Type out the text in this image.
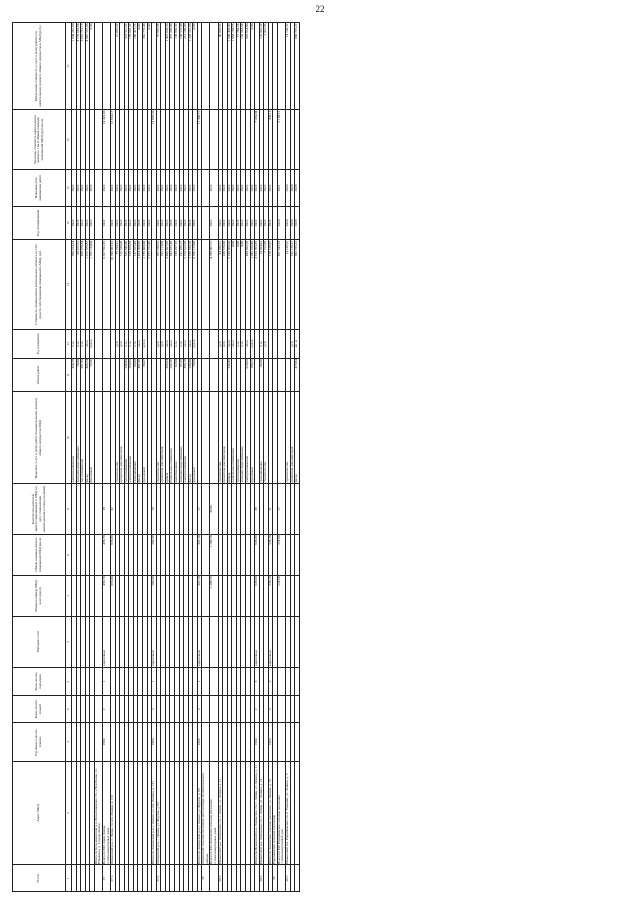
22
№ п/п	Адрес МКД	Год ввода в эксплу-атацию	Коли-чество этажей	Коли-чество подъездов	Материал стен	Общая площадь МКД, всего (кв.м)	Общая площадь жилых помещений МКД (кв.м)	Количество жителей, зарегистрированных в МКД на дату утверждения краткосрочного плана (человек)	Перечень услуг и (или) работ по капитальному ремонту общего имущества МКД	Объем работ	Ед. измерения	Стоимость планируемого капитального ремонта за счет средств собственников помещений в МКД, руб.	Год планирования	Плановая дата завершения работ	Удельная стоимость капитального ремонта 1 кв.м общей площади помещений МКД (руб./кв.м)	Предельная стоимость услуги и (или) работы по капитальному ремонту общего имущества в МКД (руб.)
1	2	3	4	5	6	7	8	9	10	11	12	13	14	15	16	17
									электроснабжение	458,70	п.м.	338 224,34	2022	2022		1 604 241,60
									холодное водоснабжение	28,00	п.м.	60 912,72	2022	2022		4 176 685,64
									теплоснабжение	201,00	п.м.	459 976,84	2022	2022		3 691 722,16
									фасад	469,24	кв.м	1 272 575,87	2022	2022		4 967 572,96
									фундамент	72,66	куб.м	1 702 134,00	2022	2022		0,00
	Итого по Куньлашевской р-н, Куньлашевское с/п, д.Чер Кунья, ул. Южанина, д. 2 город Лиман															
27.	Всего по МО город Лиман
2 многоквартирных дома	1982	2	1	кирпичные	458,70	458,70	18				6 327 652,35	2022	2022	14 423,60	
27.1.	Лиманский р-н, г. Лиман, ул. им. Ленина, д. 131					673,00	673,00	32				10 740 963,52	2022	2022	15 914,17	
									строительство		руб.	79 190,51	2022	2022		21 997,32
									проектная документация		руб.	716 538,00	2022	2022		
									теплоснабжение	249,00	п.м.	525 345,60	2022	2022		518 521,52
									электроснабжение	283,00	п.м.	218 878,38	2022	2022		159 962,32
									газоснабжение	66,00	п.м.	137 015,48	2022	2022		166 417,72
									фасад	491,96	кв.м	1 424 398,99	2022	2022		0,00
									фундамент	59,07	куб.м	1 739 400,00	2022	2022		362 773,40
												5 975 722,46	2022	2022		0,00
	Итого по Лиманский р-н, г. Лиман, ул. им. Ленина, д. 131	1964	2	1	кирпичные	283,90	283,90	19							14 603,59	
27.2.	Лиманский р-н, г. Лиман, ул. Фрунзе, д. 93								строительство		руб.	357 758,52	2022	2022		75 985,89
									проектная документация		руб.	192 213,00	2022	2022		
									кровля	369,64	кв.м	3 499 857,03	2022	2022		1 410 639,20
									подвальные помещения	242,56	кв.м	643 935,80	2022	2022		475 230,00
									водоотведение	62,00	п.м.	198 257,76	2022	2022		139 962,32
									холодное водоснабжение	95,50	п.м.	161 526,17	2022	2022		108 572,00
									электроснабжение	398,10	кв.м	2 374 615,00	2022	2022		213 106,00
									фасад	538,80	кв.м	1 379 329,20	2022	2022		1 228 141,20
									фундамент	76,60	куб.м	6 706 173,06	2022	2022		0,00
	Итого по Лиманский р-н, г. Лиман, ул. Фрунзе, д. 93	1902	2	1	кирпичные	391,10	391,10	17							17 300,77	
28	Лиманский сельское поселение эксплуатации муниципального района															
	Всего по МО Лиманское сельское поселение
2 многоквартирных дома					1 206,70	1 206,70	39,00				4 788 867,72	2022	2022		
28.1.	Нежинский р-н, Лиманское с/п, с. Лиман, ул. Ленина, д. 11								строительство		руб.	94 356,21	2022	2022		40 983,82
									проектная документация		руб.	108 570,00	2022	2022		
									кровля	534,45	кв.м	2 180 966,00	2022	2022		1 590 403,00
									подвальные помещения		кв.м	0,00	2022	2022		1 058 168,95
									теплоснабжение		п.м.	0,00	2022	2022		71 766,24
									холодное водоснабжение		п.м.	0,00	2022	2022		142 593,04
									электроснабжение	628,60	кв.м	484 653,76	2022	2022		316 614,80
									фундамент	108,25	куб.м	1 945 316,40	2022	2022		0,00
	Итого по Нежинский р-н, Лиманское с/п, с. Лиман, ул. Ленина, д. 11	1964	2	3	кирпичные	628,60	628,60	38				4 610 763,35	2022	2022	7 334,94	
28.2.	Нежинский р-н, Лиманское с/п, с. Лиман, ул. Ленина, д. 13								газоснабжение	86,00	п.м.	10 394,92	2022	2022		122 901,32
									строительство		руб.	7 722,09	2022	2022		2 022,85
	Итого по Лиманское сельское поселение, ул. Ленина, д. 13	1963	2	3	кирпичные	578,10	578,10	21				178 126,97	2022	2022	308,12	
29	Родниковское сельское поселение															
	Всего по МО Родниковское сельское поселение
1 многоквартирный дом					274,60	274,60	17				857 243,78	2020	2021	2 188,12	
29.1.	Нежинский р-н, Родниковское с/п, п. Родники, ул. Ленина, д. 5								строительство			14 139,52	2020	2020		14 139,52
									проектная документация		руб.	182 178,17	2020	2020		
									фасад	415,94	кв. м	660 725,22	2020	2020		660 725,22
